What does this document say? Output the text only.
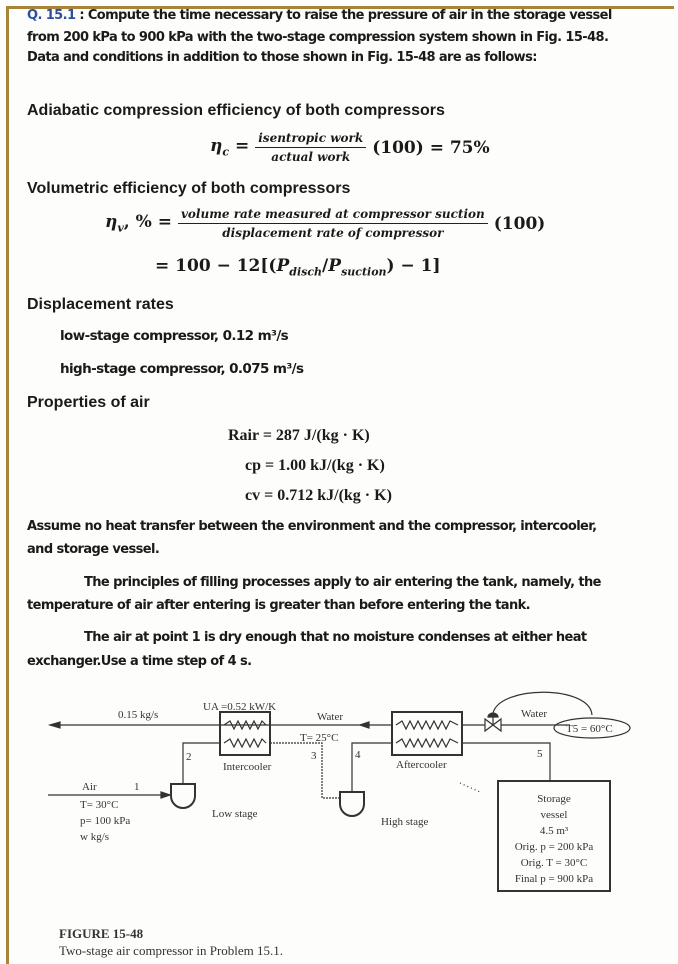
Q. 15.1 : Compute the time necessary to raise the pressure of air in the storage vessel
from 200 kPa to 900 kPa with the two-stage compression system shown in Fig. 15-48.
Data and conditions in addition to those shown in Fig. 15-48 are as follows:
Adiabatic compression efficiency of both compressors
$\eta_c = \frac{\text{isentropic work}}{\text{actual work}} (100) = 75\%$
Volumetric efficiency of both compressors
$\eta_v$, % = $\frac{\text{volume rate measured at compressor suction}}{\text{displacement rate of compressor}} (100)$
= $100 - 12[(P_{disch}/P_{suction}) - 1]$
Displacement rates
low-stage compressor, 0.12 m³/s
high-stage compressor, 0.075 m³/s
Properties of air
Rair = 287 J/(kg · K)
cp = 1.00 kJ/(kg · K)
cv = 0.712 kJ/(kg · K)
Assume no heat transfer between the environment and the compressor, intercooler,
and storage vessel.
The principles of filling processes apply to air entering the tank, namely, the
temperature of air after entering is greater than before entering the tank.
The air at point 1 is dry enough that no moisture condenses at either heat
exchanger.Use a time step of 4 s.
0.15 kg/s
UA =0.52 kW/K
Water
T= 25°C
Water
T5 = 60°C
Intercooler	Aftercooler
2	3	4	5
1
Air
T= 30°C
p= 100 kPa
w kg/s
Low stage
High stage
Storage
vessel
4.5 m³
Orig. p = 200 kPa
Orig. T = 30°C
Final p = 900 kPa
FIGURE 15-48
Two-stage air compressor in Problem 15.1.
